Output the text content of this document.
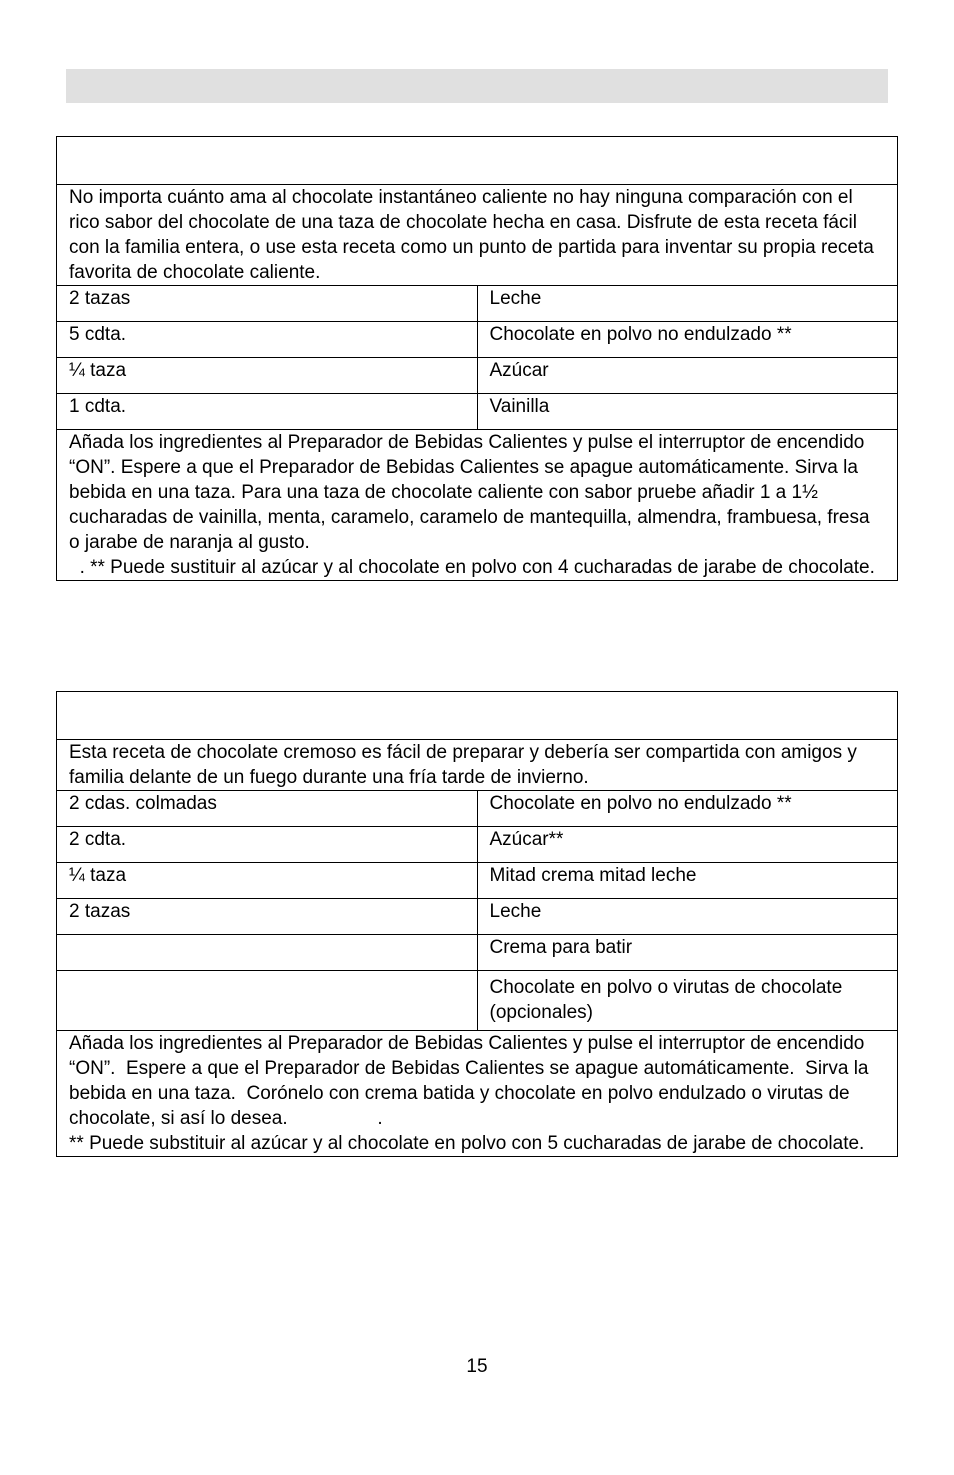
No importa cuánto ama al chocolate instantáneo caliente no hay ninguna comparación con el rico sabor del chocolate de una taza de chocolate hecha en casa. Disfrute de esta receta fácil con la familia entera, o use esta receta como un punto de partida para inventar su propia receta favorita de chocolate caliente.	
2 tazas	Leche
5 cdta.	Chocolate en polvo no endulzado **
¼ taza	Azúcar
1 cdta.	Vainilla

Añada los ingredientes al Preparador de Bebidas Calientes y pulse el interruptor de encendido “ON”. Espere a que el Preparador de Bebidas Calientes se apague automáticamente. Sirva la bebida en una taza. Para una taza de chocolate caliente con sabor pruebe añadir 1 a 1½ cucharadas de vainilla, menta, caramelo, caramelo de mantequilla, almendra, frambuesa, fresa o jarabe de naranja al gusto.

. ** Puede sustituir al azúcar y al chocolate en polvo con 4 cucharadas de jarabe de chocolate.	

Esta receta de chocolate cremoso es fácil de preparar y debería ser compartida con amigos y familia delante de un fuego durante una fría tarde de invierno.	
2 cdas. colmadas	Chocolate en polvo no endulzado **
2 cdta.	Azúcar**
¼ taza	Mitad crema mitad leche
2 tazas	Leche
	Crema para batir
	Chocolate en polvo o virutas de chocolate (opcionales)

Añada los ingredientes al Preparador de Bebidas Calientes y pulse el interruptor de encendido “ON”.  Espere a que el Preparador de Bebidas Calientes se apague automáticamente.  Sirva la bebida en una taza.  Corónelo con crema batida y chocolate en polvo endulzado o virutas de chocolate, si así lo desea.                 .

** Puede substituir al azúcar y al chocolate en polvo con 5 cucharadas de jarabe de chocolate.	

15
